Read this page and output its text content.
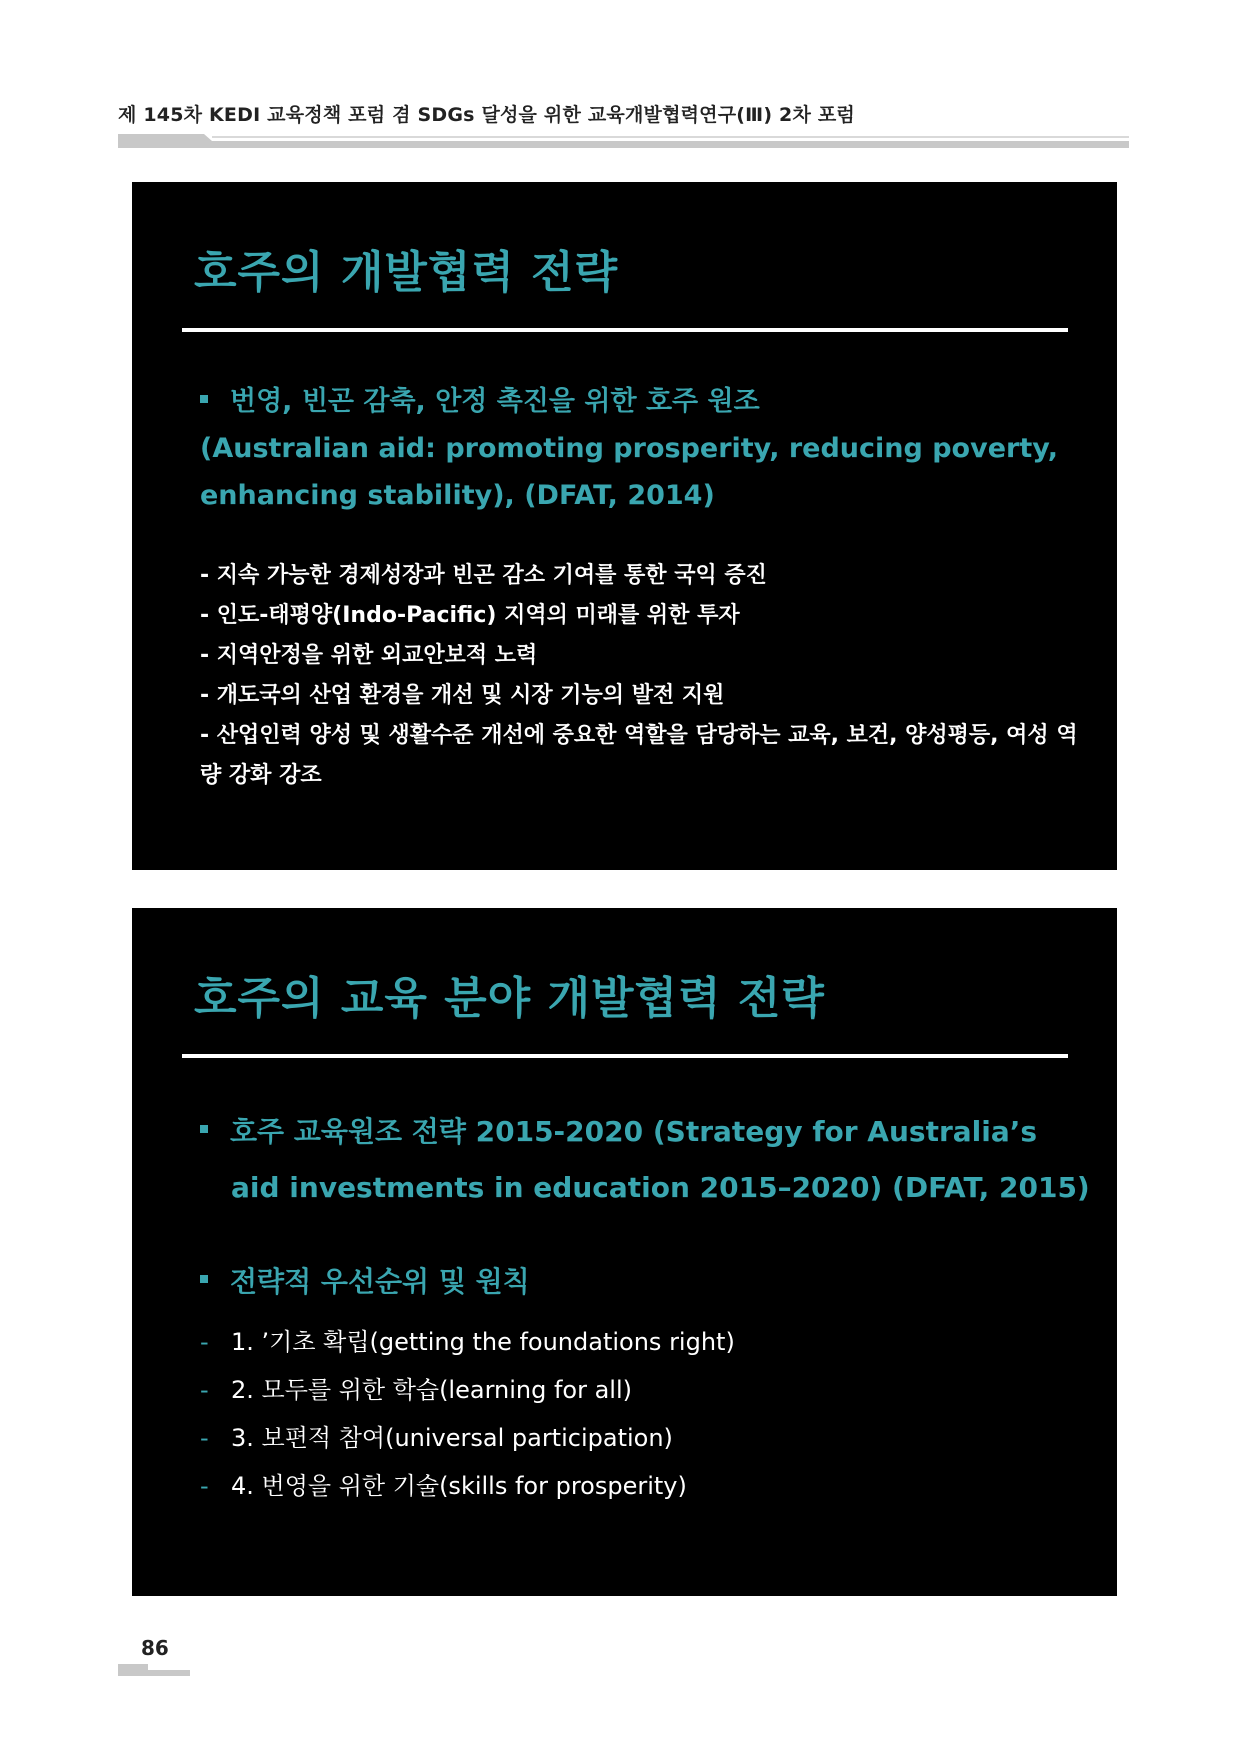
제 145차 KEDI 교육정책 포럼 겸 SDGs 달성을 위한 교육개발협력연구(Ⅲ) 2차 포럼
호주의 개발협력 전략
번영, 빈곤 감축, 안정 촉진을 위한 호주 원조
(Australian aid: promoting prosperity, reducing poverty,
enhancing stability), (DFAT, 2014)
- 지속 가능한 경제성장과 빈곤 감소 기여를 통한 국익 증진
- 인도-태평양(Indo-Pacific) 지역의 미래를 위한 투자
- 지역안정을 위한 외교안보적 노력
- 개도국의 산업 환경을 개선 및 시장 기능의 발전 지원
- 산업인력 양성 및 생활수준 개선에 중요한 역할을 담당하는 교육, 보건, 양성평등, 여성 역량 강화 강조
호주의 교육 분야 개발협력 전략
호주 교육원조 전략 2015-2020 (Strategy for Australia’s
aid investments in education 2015–2020) (DFAT, 2015)
전략적 우선순위 및 원칙
- 1. ’기초 확립(getting the foundations right)
- 2. 모두를 위한 학습(learning for all)
- 3. 보편적 참여(universal participation)
- 4. 번영을 위한 기술(skills for prosperity)
86
